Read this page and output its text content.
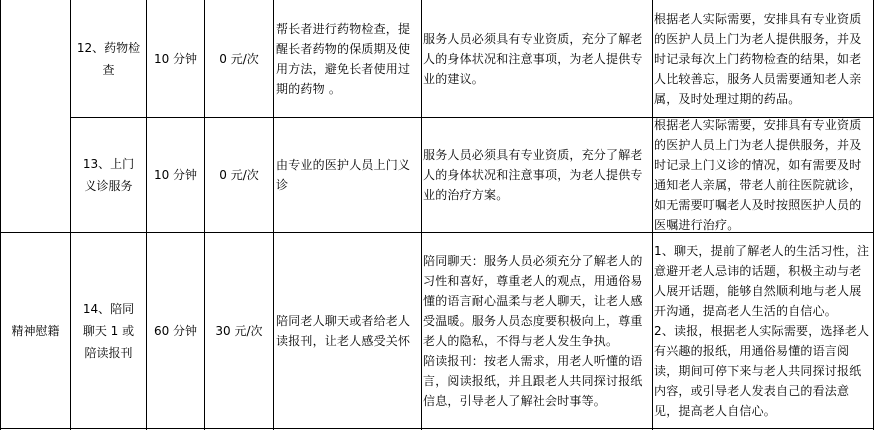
12、药物检查
10 分钟 0 元/次
帮长者进行药物检查，提醒长者药物的保质期及使用方法，避免长者使用过期的药物 。
服务人员必须具有专业资质，充分了解老人的身体状况和注意事项，为老人提供专业的建议。
根据老人实际需要，安排具有专业资质的医护人员上门为老人提供服务，并及时记录每次上门药物检查的结果，如老人比较善忘，服务人员需要通知老人亲属，及时处理过期的药品。
13、上门义诊服务
10 分钟 0 元/次
由专业的医护人员上门义诊
服务人员必须具有专业资质，充分了解老人的身体状况和注意事项，为老人提供专业的治疗方案。
根据老人实际需要，安排具有专业资质的医护人员上门为老人提供服务，并及时记录上门义诊的情况，如有需要及时通知老人亲属，带老人前往医院就诊，如无需要叮嘱老人及时按照医护人员的医嘱进行治疗。
精神慰籍
14、陪同聊天 1 或陪读报刊
60 分钟 30 元/次
陪同老人聊天或者给老人读报刊，让老人感受关怀
陪同聊天：服务人员必须充分了解老人的习性和喜好，尊重老人的观点，用通俗易懂的语言耐心温柔与老人聊天，让老人感受温暖。服务人员态度要积极向上，尊重老人的隐私，不得与老人发生争执。
陪读报刊：按老人需求，用老人听懂的语言，阅读报纸，并且跟老人共同探讨报纸信息，引导老人了解社会时事等。
1、聊天，提前了解老人的生活习性，注意避开老人忌讳的话题，积极主动与老人展开话题，能够自然顺利地与老人展开沟通，提高老人生活的自信心。
2、读报，根据老人实际需要，选择老人有兴趣的报纸，用通俗易懂的语言阅读，期间可停下来与老人共同探讨报纸内容，或引导老人发表自己的看法意见，提高老人自信心。
